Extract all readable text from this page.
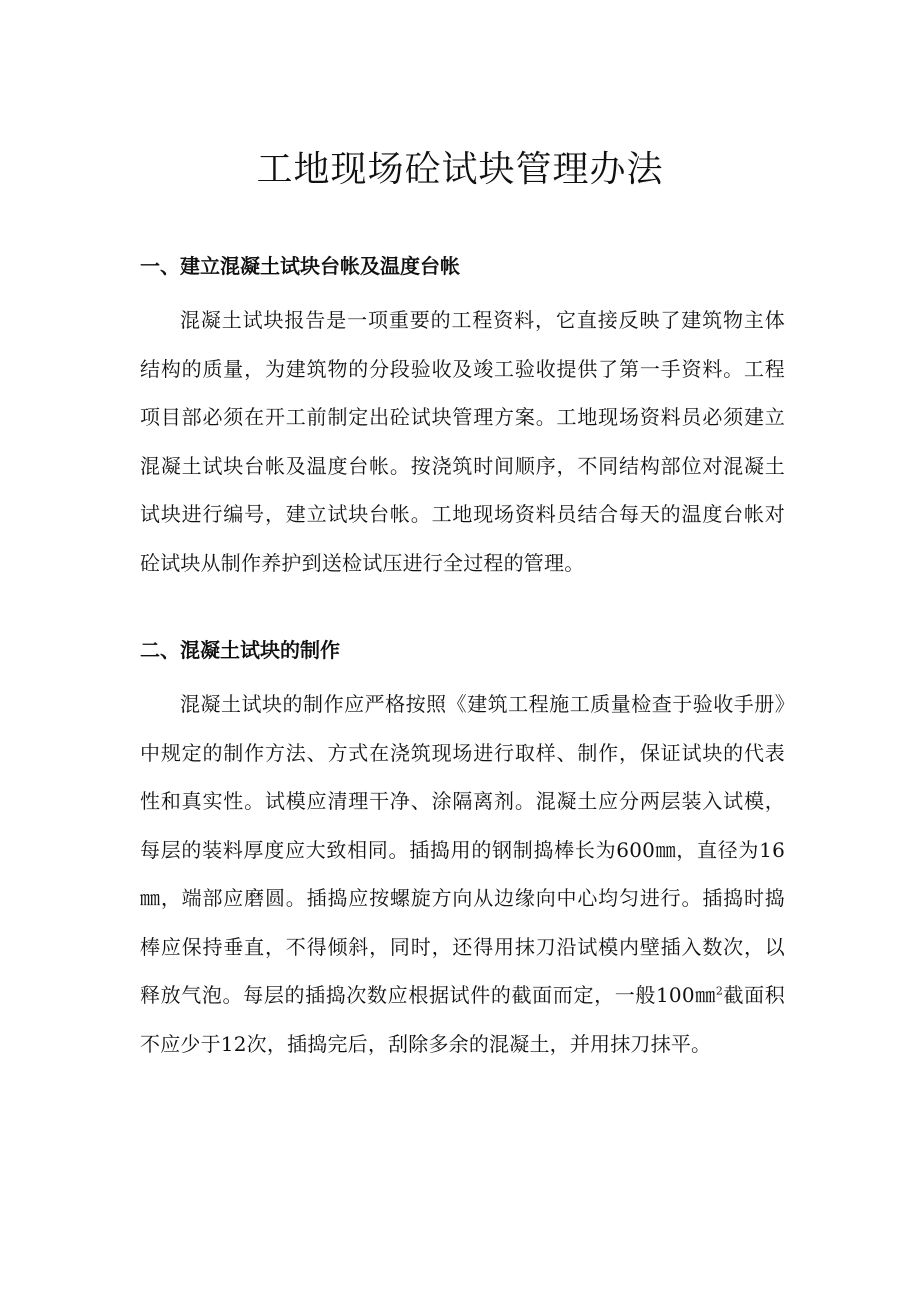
工地现场砼试块管理办法
一、建立混凝土试块台帐及温度台帐

混凝土试块报告是一项重要的工程资料，它直接反映了建筑物主体结构的质量，为建筑物的分段验收及竣工验收提供了第一手资料。工程项目部必须在开工前制定出砼试块管理方案。工地现场资料员必须建立混凝土试块台帐及温度台帐。按浇筑时间顺序，不同结构部位对混凝土试块进行编号，建立试块台帐。工地现场资料员结合每天的温度台帐对砼试块从制作养护到送检试压进行全过程的管理。

二、混凝土试块的制作

混凝土试块的制作应严格按照《建筑工程施工质量检查于验收手册》中规定的制作方法、方式在浇筑现场进行取样、制作，保证试块的代表性和真实性。试模应清理干净、涂隔离剂。混凝土应分两层装入试模，每层的装料厚度应大致相同。插捣用的钢制捣棒长为600㎜，直径为16㎜，端部应磨圆。插捣应按螺旋方向从边缘向中心均匀进行。插捣时捣棒应保持垂直，不得倾斜，同时，还得用抹刀沿试模内壁插入数次，以释放气泡。每层的插捣次数应根据试件的截面而定，一般100㎜$^2$截面积不应少于12次，插捣完后，刮除多余的混凝土，并用抹刀抹平。
